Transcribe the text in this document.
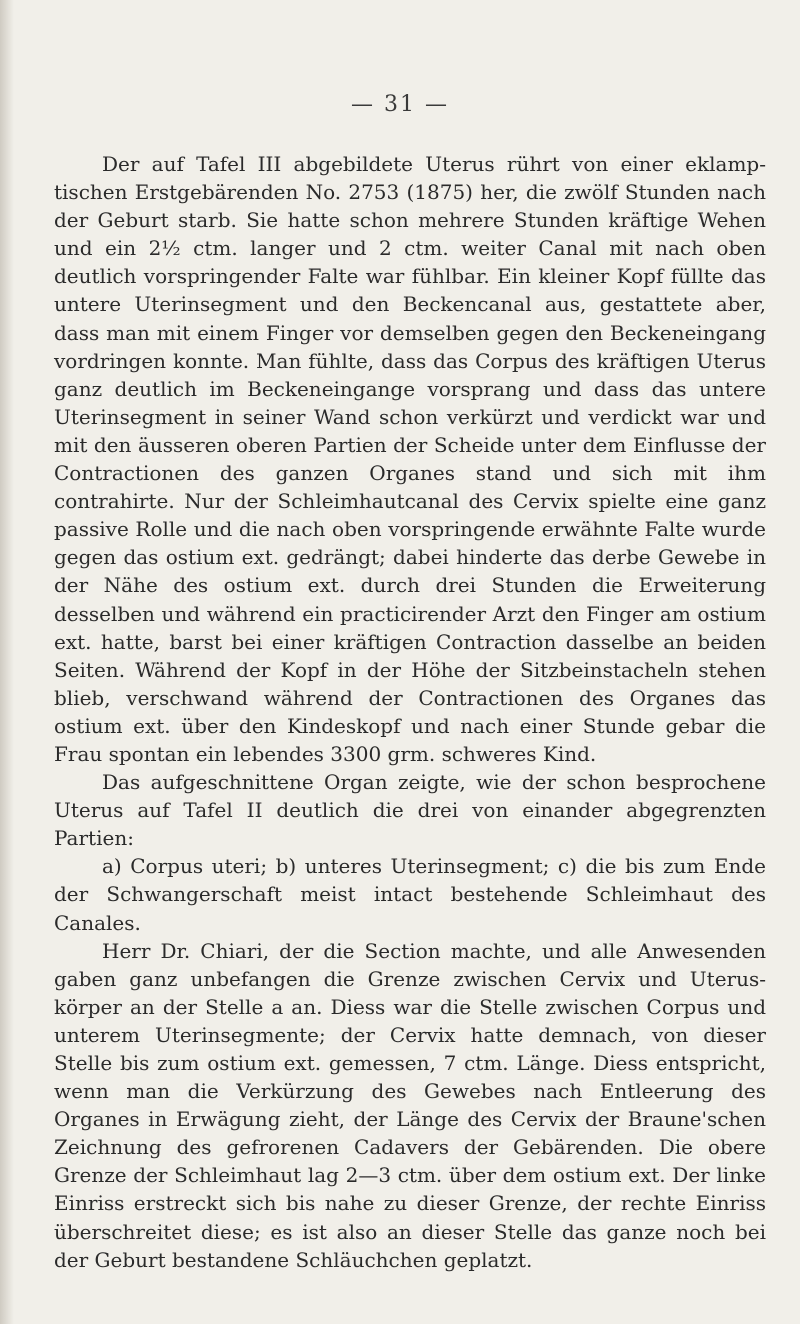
— 31 —

Der auf Tafel III abgebildete Uterus rührt von einer eklamptischen Erstgebärenden No. 2753 (1875) her, die zwölf Stunden nach der Geburt starb. Sie hatte schon mehrere Stunden kräftige Wehen und ein 2½ ctm. langer und 2 ctm. weiter Canal mit nach oben deutlich vorspringender Falte war fühlbar. Ein kleiner Kopf füllte das untere Uterinsegment und den Beckencanal aus, gestattete aber, dass man mit einem Finger vor demselben gegen den Beckeneingang vordringen konnte. Man fühlte, dass das Corpus des kräftigen Uterus ganz deutlich im Beckeneingange vorsprang und dass das untere Uterinsegment in seiner Wand schon verkürzt und verdickt war und mit den äusseren oberen Partien der Scheide unter dem Einflusse der Contractionen des ganzen Organes stand und sich mit ihm contrahirte. Nur der Schleimhautcanal des Cervix spielte eine ganz passive Rolle und die nach oben vorspringende erwähnte Falte wurde gegen das ostium ext. gedrängt; dabei hinderte das derbe Gewebe in der Nähe des ostium ext. durch drei Stunden die Erweiterung desselben und während ein practicirender Arzt den Finger am ostium ext. hatte, barst bei einer kräftigen Contraction dasselbe an beiden Seiten. Während der Kopf in der Höhe der Sitzbeinstacheln stehen blieb, verschwand während der Contractionen des Organes das ostium ext. über den Kindeskopf und nach einer Stunde gebar die Frau spontan ein lebendes 3300 grm. schweres Kind.

Das aufgeschnittene Organ zeigte, wie der schon besprochene Uterus auf Tafel II deutlich die drei von einander abgegrenzten Partien:

a) Corpus uteri; b) unteres Uterinsegment; c) die bis zum Ende der Schwangerschaft meist intact bestehende Schleimhaut des Canales.

Herr Dr. Chiari, der die Section machte, und alle Anwesenden gaben ganz unbefangen die Grenze zwischen Cervix und Uteruskörper an der Stelle a an. Diess war die Stelle zwischen Corpus und unterem Uterinsegmente; der Cervix hatte demnach, von dieser Stelle bis zum ostium ext. gemessen, 7 ctm. Länge. Diess entspricht, wenn man die Verkürzung des Gewebes nach Entleerung des Organes in Erwägung zieht, der Länge des Cervix der Braune'schen Zeichnung des gefrorenen Cadavers der Gebärenden. Die obere Grenze der Schleimhaut lag 2—3 ctm. über dem ostium ext. Der linke Einriss erstreckt sich bis nahe zu dieser Grenze, der rechte Einriss überschreitet diese; es ist also an dieser Stelle das ganze noch bei der Geburt bestandene Schläuchchen geplatzt.
